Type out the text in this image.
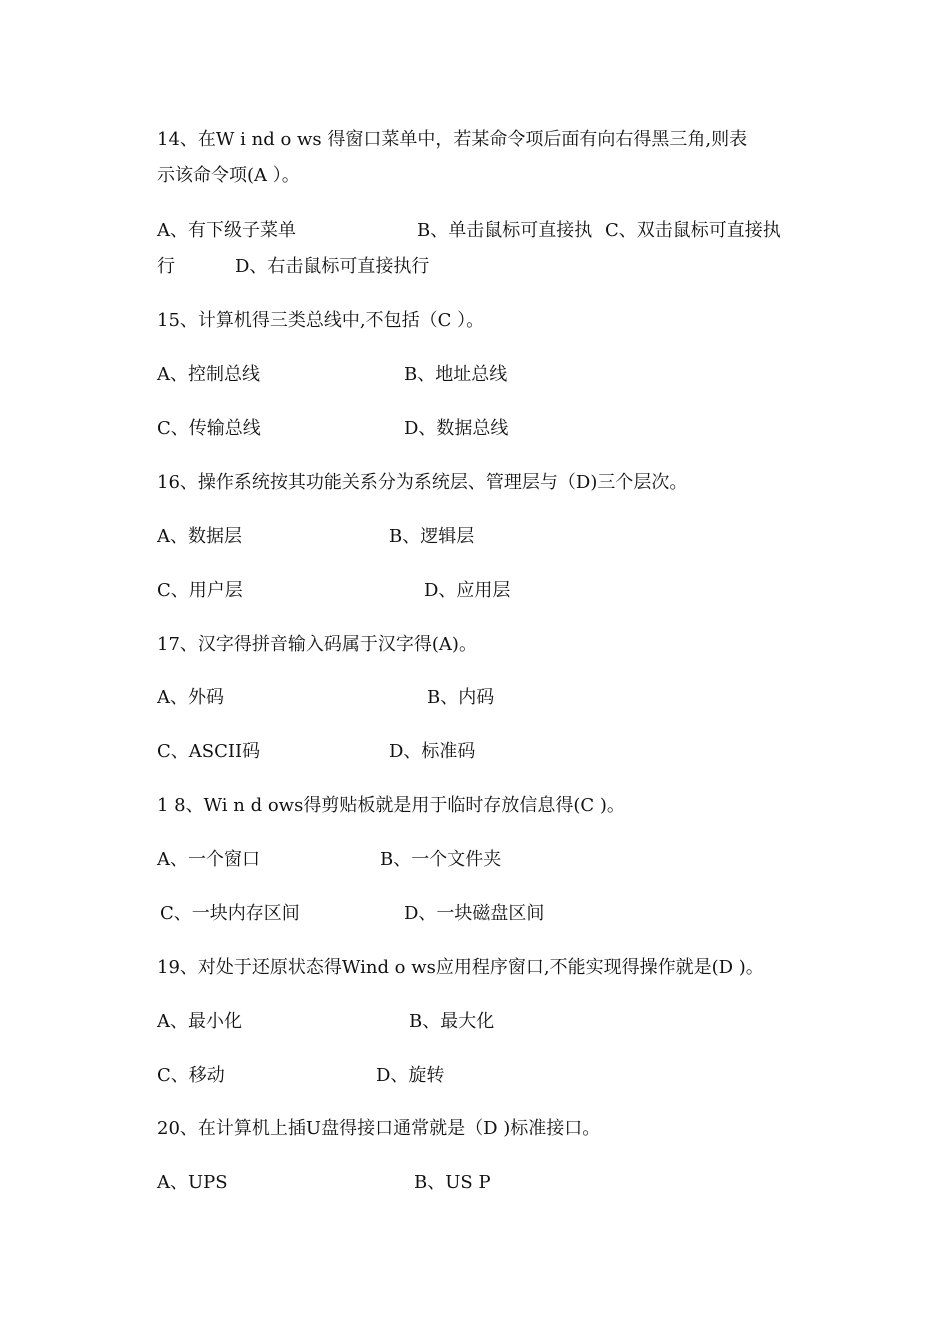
14、在W i nd o ws 得窗口菜单中，若某命令项后面有向右得黑三角,则表
示该命令项(A ）。
A、有下级子菜单	B、单击鼠标可直接执 C、双击鼠标可直接执
行	D、右击鼠标可直接执行
15、计算机得三类总线中,不包括（C ）。
A、控制总线	B、地址总线
C、传输总线	D、数据总线
16、操作系统按其功能关系分为系统层、管理层与（D)三个层次。
A、数据层	B、逻辑层
C、用户层	D、应用层
17、汉字得拼音输入码属于汉字得(A)。
A、外码	B、内码
C、ASCII码	D、标准码
1 8、Wi n d ows得剪贴板就是用于临时存放信息得(C )。
A、一个窗口	B、一个文件夹
C、一块内存区间	D、一块磁盘区间
19、对处于还原状态得Wind o ws应用程序窗口,不能实现得操作就是(D )。
A、最小化	B、最大化
C、移动	D、旋转
20、在计算机上插U盘得接口通常就是（D )标准接口。
A、UPS	B、US P
